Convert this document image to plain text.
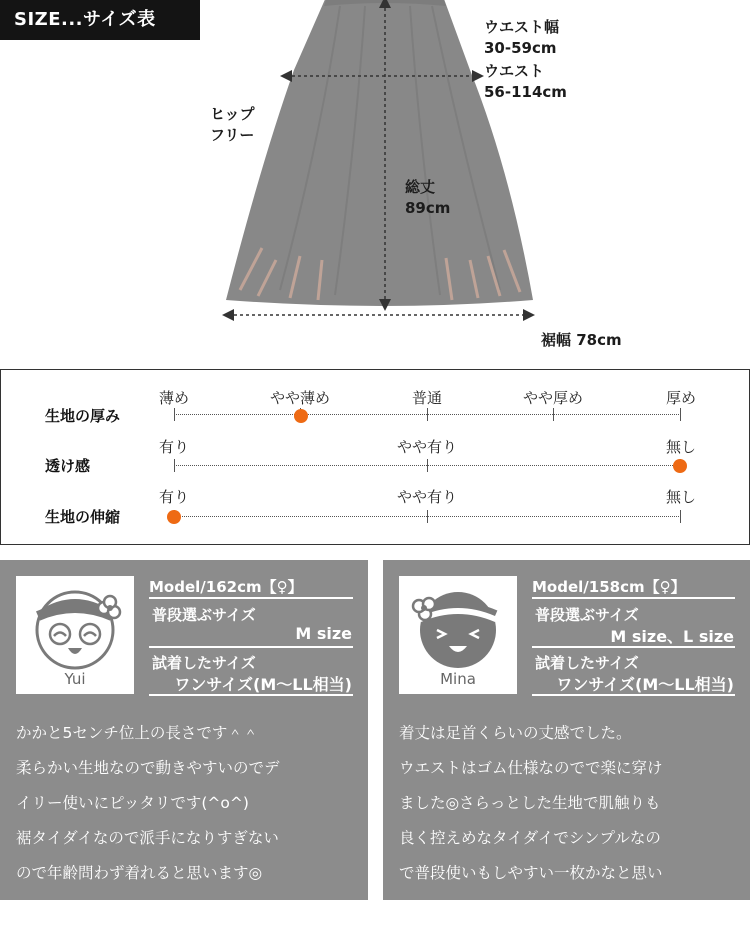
SIZE...サイズ表	ウエスト幅
30-59cm
ウエスト
56-114cm
ヒップ
フリー
総丈
89cm
裾幅 78cm
生地の厚み
薄め	やや薄め	普通	やや厚め	厚め
透け感
有り	やや有り	無し
生地の伸縮
有り	やや有り	無し
Yui
Model/162cm【♀】
普段選ぶサイズ
M size
試着したサイズ
ワンサイズ(M〜LL相当)

かかと5センチ位上の長さです＾＾

柔らかい生地なので動きやすいのでデ

イリー使いにピッタリです(^o^)

裾タイダイなので派手になりすぎない

ので年齢問わず着れると思います◎

Mina
Model/158cm【♀】
普段選ぶサイズ
M size、L size
試着したサイズ
ワンサイズ(M〜LL相当)

着丈は足首くらいの丈感でした。

ウエストはゴム仕様なのでで楽に穿け

ました◎さらっとした生地で肌触りも

良く控えめなタイダイでシンプルなの

で普段使いもしやすい一枚かなと思い

ます(^-^)
